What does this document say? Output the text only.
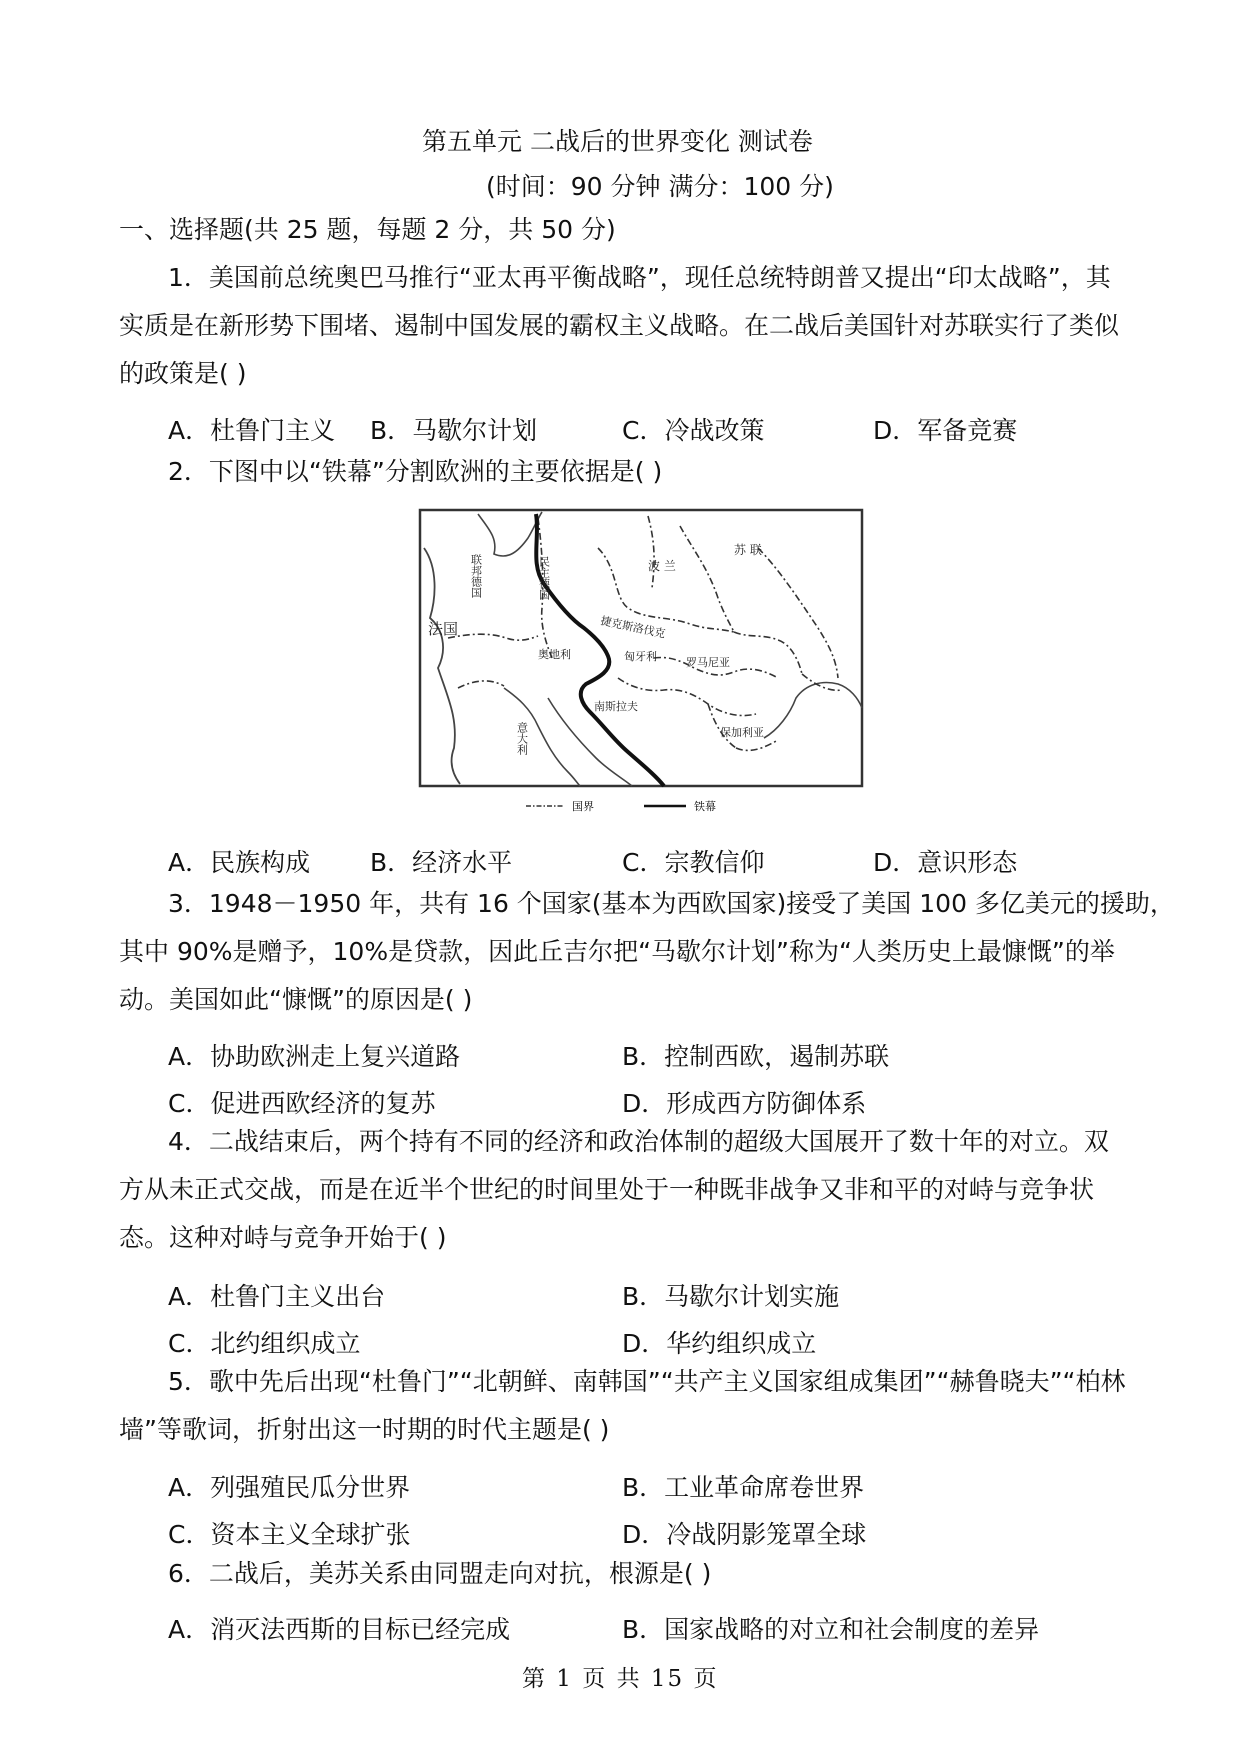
第五单元 二战后的世界变化 测试卷
(时间：90 分钟 满分：100 分)
一、选择题(共 25 题，每题 2 分，共 50 分)
1．美国前总统奥巴马推行“亚太再平衡战略”，现任总统特朗普又提出“印太战略”，其
实质是在新形势下围堵、遏制中国发展的霸权主义战略。在二战后美国针对苏联实行了类似
的政策是( )
A．杜鲁门主义 B．马歇尔计划	C．冷战改策	D．军备竞赛
2．下图中以“铁幕”分割欧洲的主要依据是( )
苏 联
波 兰
法国	捷克斯洛伐克
奥地利	匈牙利	罗马尼亚
南斯拉夫
保加利亚
民主德国
联邦德国
意大利
国界	铁幕
A．民族构成 B．经济水平	C．宗教信仰	D．意识形态
3．1948－1950 年，共有 16 个国家(基本为西欧国家)接受了美国 100 多亿美元的援助，
其中 90%是赠予，10%是贷款，因此丘吉尔把“马歇尔计划”称为“人类历史上最慷慨”的举
动。美国如此“慷慨”的原因是( )
A．协助欧洲走上复兴道路	B．控制西欧，遏制苏联
C．促进西欧经济的复苏	D．形成西方防御体系
4．二战结束后，两个持有不同的经济和政治体制的超级大国展开了数十年的对立。双
方从未正式交战，而是在近半个世纪的时间里处于一种既非战争又非和平的对峙与竞争状
态。这种对峙与竞争开始于( )
A．杜鲁门主义出台	B．马歇尔计划实施
C．北约组织成立	D．华约组织成立
5．歌中先后出现“杜鲁门”“北朝鲜、南韩国”“共产主义国家组成集团”“赫鲁晓夫”“柏林
墙”等歌词，折射出这一时期的时代主题是( )
A．列强殖民瓜分世界	B．工业革命席卷世界
C．资本主义全球扩张	D．冷战阴影笼罩全球
6．二战后，美苏关系由同盟走向对抗，根源是( )
A．消灭法西斯的目标已经完成	B．国家战略的对立和社会制度的差异
第 1 页 共 15 页
